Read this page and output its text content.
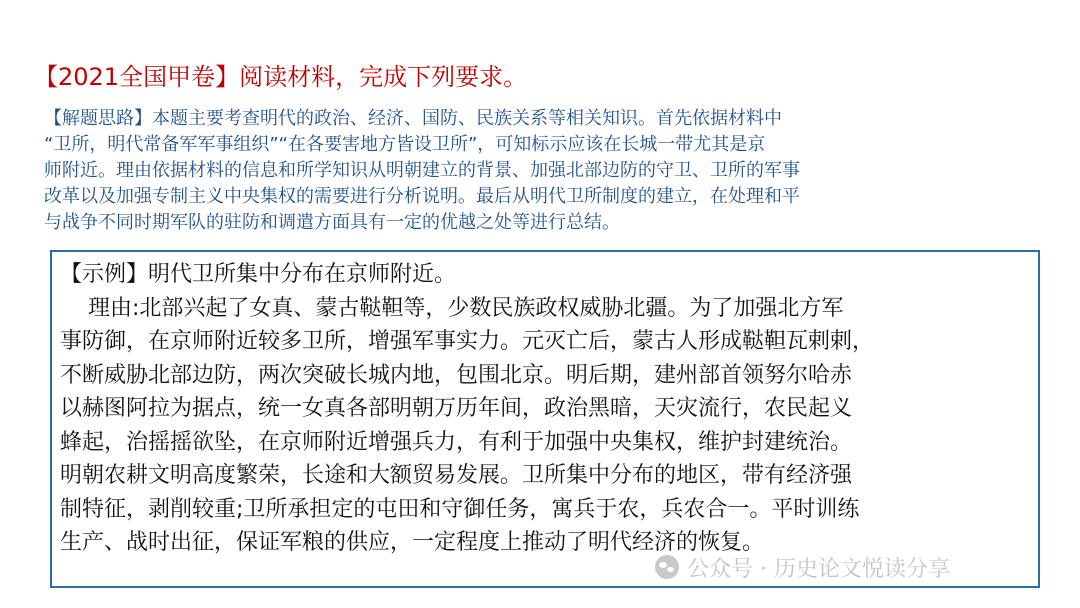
【2021全国甲卷】阅读材料，完成下列要求。

【解题思路】本题主要考查明代的政治、经济、国防、民族关系等相关知识。首先依据材料中

“卫所，明代常备军军事组织”“在各要害地方皆设卫所”，可知标示应该在长城一带尤其是京

师附近。理由依据材料的信息和所学知识从明朝建立的背景、加强北部边防的守卫、卫所的军事

改革以及加强专制主义中央集权的需要进行分析说明。最后从明代卫所制度的建立，在处理和平

与战争不同时期军队的驻防和调遣方面具有一定的优越之处等进行总结。

【示例】明代卫所集中分布在京师附近。

理由:北部兴起了女真、蒙古鞑靼等，少数民族政权威胁北疆。为了加强北方军

事防御，在京师附近较多卫所，增强军事实力。元灭亡后，蒙古人形成鞑靼瓦剌剌，

不断威胁北部边防，两次突破长城内地，包围北京。明后期，建州部首领努尔哈赤

以赫图阿拉为据点，统一女真各部明朝万历年间，政治黑暗，天灾流行，农民起义

蜂起，治摇摇欲坠，在京师附近增强兵力，有利于加强中央集权，维护封建统治。

明朝农耕文明高度繁荣，长途和大额贸易发展。卫所集中分布的地区，带有经济强

制特征，剥削较重;卫所承担定的屯田和守御任务，寓兵于农，兵农合一。平时训练

生产、战时出征，保证军粮的供应，一定程度上推动了明代经济的恢复。

公众号 · 历史论文悦读分享
